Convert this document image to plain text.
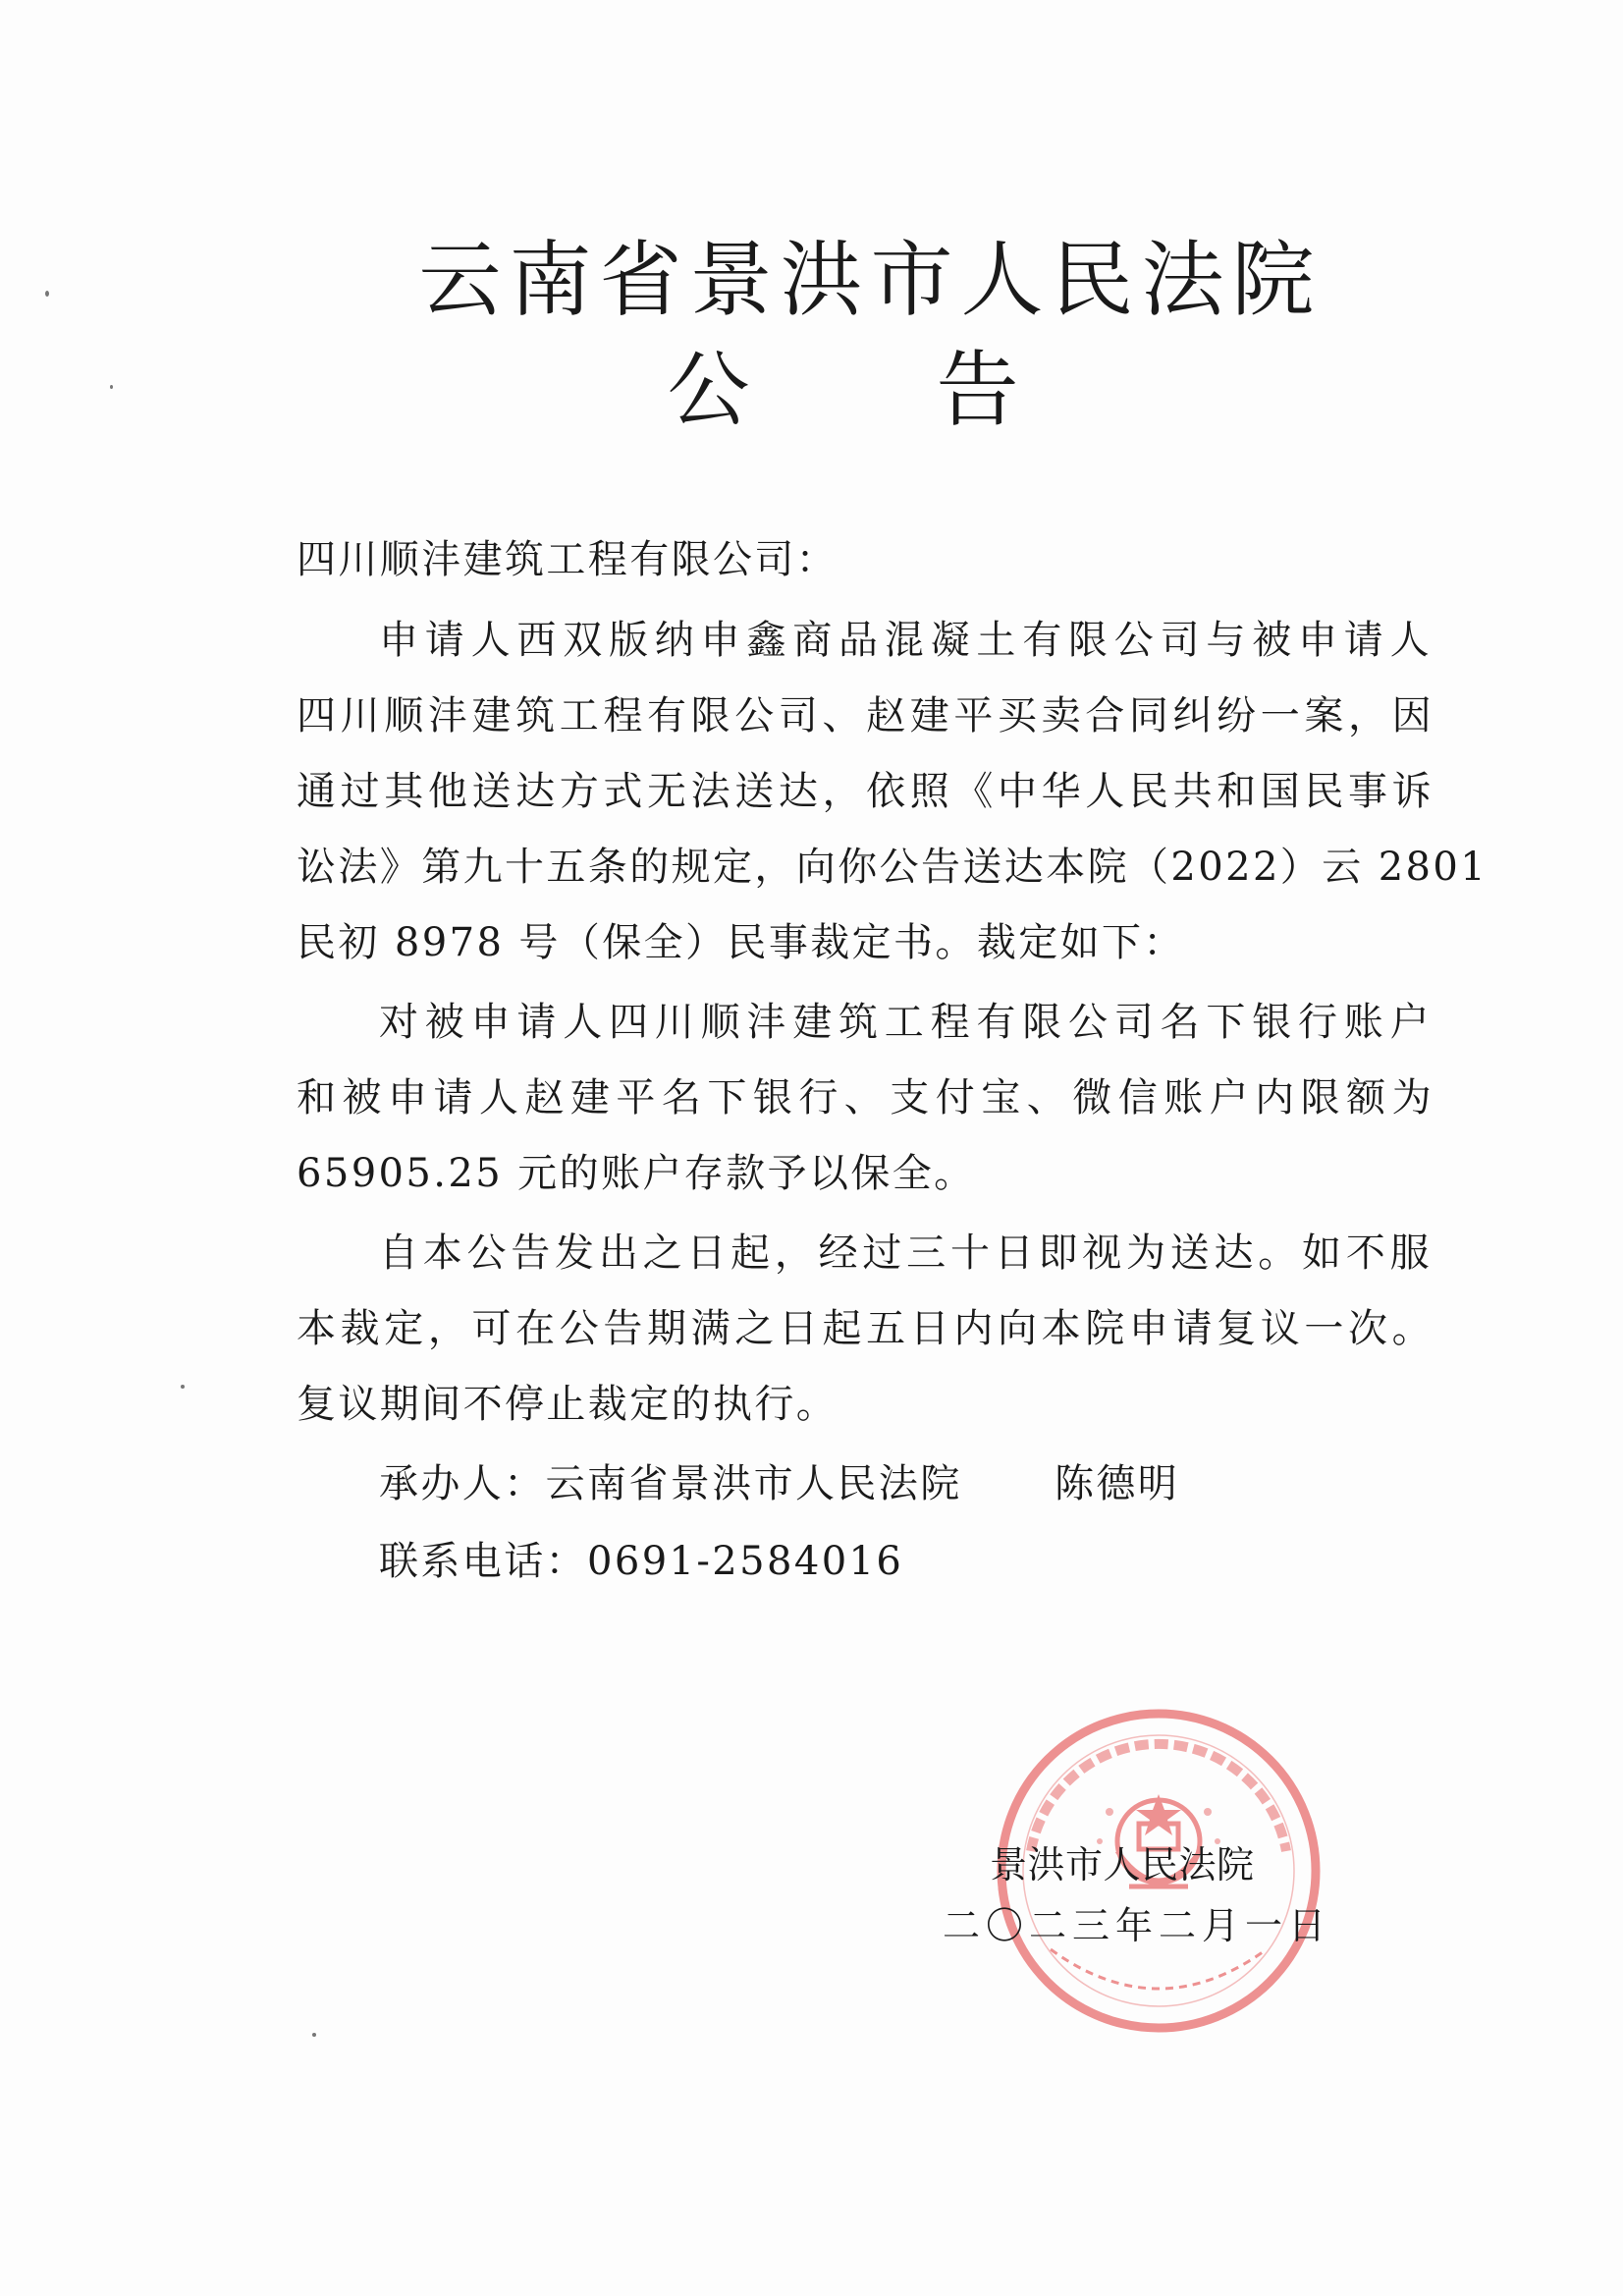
云南省景洪市人民法院
公 告
四川顺沣建筑工程有限公司：
申请人西双版纳申鑫商品混凝土有限公司与被申请人
四川顺沣建筑工程有限公司、赵建平买卖合同纠纷一案，因
通过其他送达方式无法送达，依照《中华人民共和国民事诉
讼法》第九十五条的规定，向你公告送达本院（2022）云 2801
民初 8978 号（保全）民事裁定书。裁定如下：
对被申请人四川顺沣建筑工程有限公司名下银行账户
和被申请人赵建平名下银行、支付宝、微信账户内限额为
65905.25 元的账户存款予以保全。
自本公告发出之日起，经过三十日即视为送达。如不服
本裁定，可在公告期满之日起五日内向本院申请复议一次。
复议期间不停止裁定的执行。
承办人：云南省景洪市人民法院 陈德明
联系电话：0691-2584016
景洪市人民法院
二〇二三年二月一日
